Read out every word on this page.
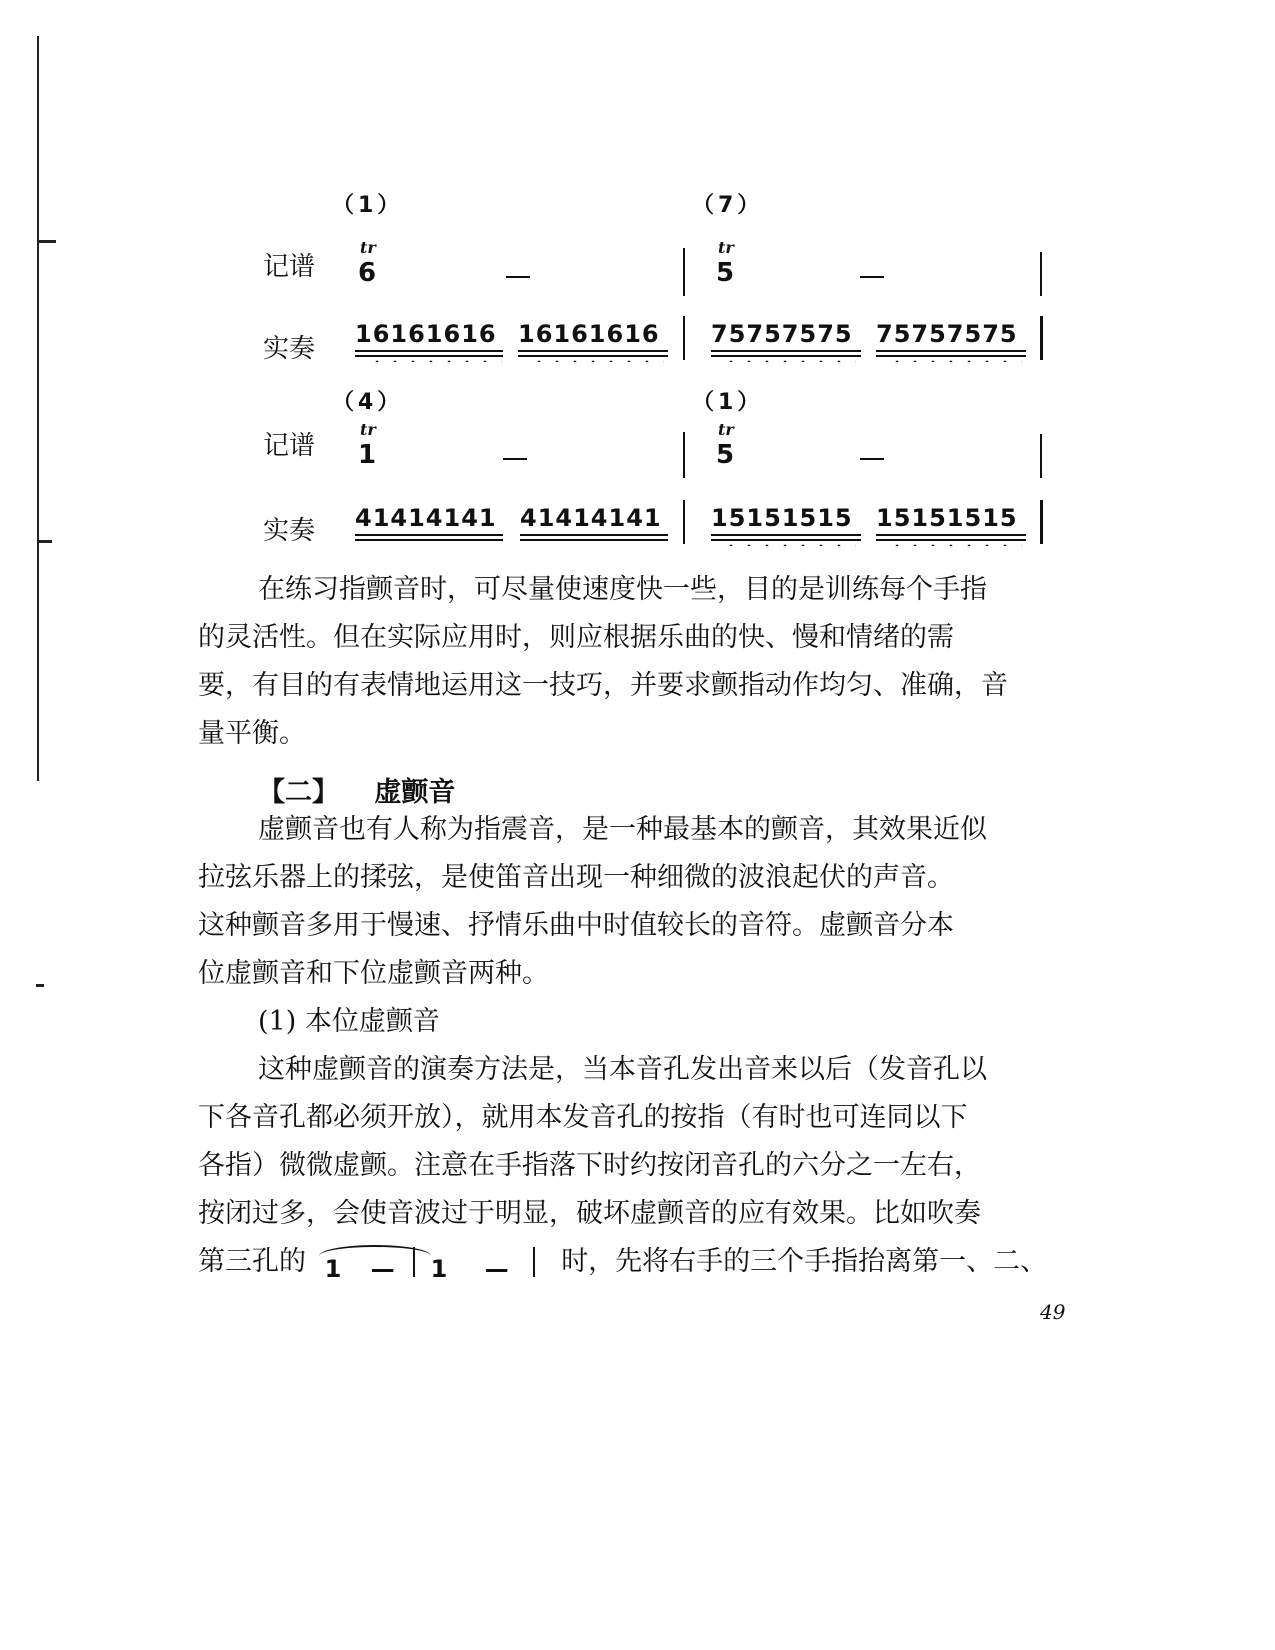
（1）	（7）
记谱
tr
6
tr
5
实奏 16161616 16161616 75757575 75757575
（4）	（1）
记谱
tr
1
tr
5
实奏 41414141 41414141 15151515 15151515
在练习指颤音时，可尽量使速度快一些，目的是训练每个手指
的灵活性。但在实际应用时，则应根据乐曲的快、慢和情绪的需
要，有目的有表情地运用这一技巧，并要求颤指动作均匀、准确，音
量平衡。
【二】 虚颤音
虚颤音也有人称为指震音，是一种最基本的颤音，其效果近似
拉弦乐器上的揉弦，是使笛音出现一种细微的波浪起伏的声音。
这种颤音多用于慢速、抒情乐曲中时值较长的音符。虚颤音分本
位虚颤音和下位虚颤音两种。
(1) 本位虚颤音
这种虚颤音的演奏方法是，当本音孔发出音来以后（发音孔以
下各音孔都必须开放），就用本发音孔的按指（有时也可连同以下
各指）微微虚颤。注意在手指落下时约按闭音孔的六分之一左右，
按闭过多，会使音波过于明显，破坏虚颤音的应有效果。比如吹奏
第三孔的 1 — 1 — 时，先将右手的三个手指抬离第一、二、
49
